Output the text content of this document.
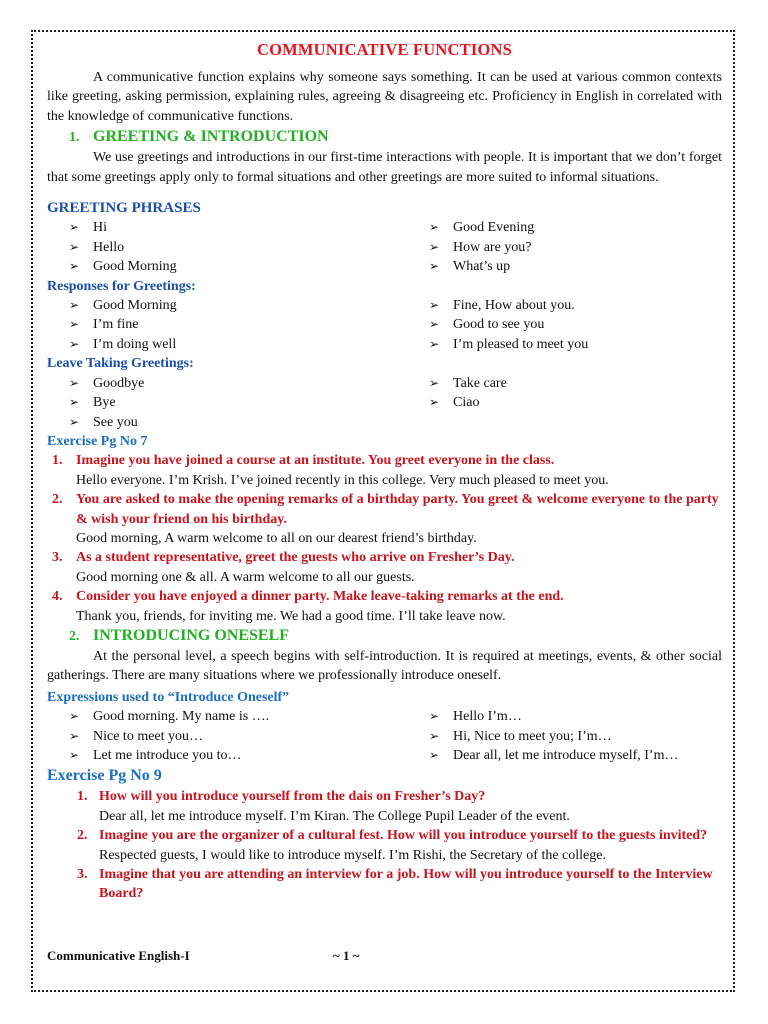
COMMUNICATIVE FUNCTIONS

A communicative function explains why someone says something. It can be used at various common contexts like greeting, asking permission, explaining rules, agreeing & disagreeing etc. Proficiency in English in correlated with the knowledge of communicative functions.

1. GREETING & INTRODUCTION

We use greetings and introductions in our first-time interactions with people. It is important that we don’t forget that some greetings apply only to formal situations and other greetings are more suited to informal situations.

GREETING PHRASES
➢ Hi
➢ Hello
➢ Good Morning
➢ Good Evening
➢ How are you?
➢ What’s up
Responses for Greetings:
➢ Good Morning
➢ I’m fine
➢ I’m doing well
➢ Fine, How about you.
➢ Good to see you
➢ I’m pleased to meet you
Leave Taking Greetings:
➢ Goodbye
➢ Bye
➢ See you
➢ Take care
➢ Ciao
Exercise Pg No 7
1. Imagine you have joined a course at an institute. You greet everyone in the class.
Hello everyone. I’m Krish. I’ve joined recently in this college. Very much pleased to meet you.
2. You are asked to make the opening remarks of a birthday party. You greet & welcome everyone to the party & wish your friend on his birthday.
Good morning, A warm welcome to all on our dearest friend’s birthday.
3. As a student representative, greet the guests who arrive on Fresher’s Day.
Good morning one & all. A warm welcome to all our guests.
4. Consider you have enjoyed a dinner party. Make leave-taking remarks at the end.
Thank you, friends, for inviting me. We had a good time. I’ll take leave now.
2. INTRODUCING ONESELF

At the personal level, a speech begins with self-introduction. It is required at meetings, events, & other social gatherings. There are many situations where we professionally introduce oneself.

Expressions used to “Introduce Oneself”
➢ Good morning. My name is ….
➢ Nice to meet you…
➢ Let me introduce you to…
➢ Hello I’m…
➢ Hi, Nice to meet you; I’m…
➢ Dear all, let me introduce myself, I’m…
Exercise Pg No 9
1. How will you introduce yourself from the dais on Fresher’s Day?
Dear all, let me introduce myself. I’m Kiran. The College Pupil Leader of the event.
2. Imagine you are the organizer of a cultural fest. How will you introduce yourself to the guests invited?
Respected guests, I would like to introduce myself. I’m Rishi, the Secretary of the college.
3. Imagine that you are attending an interview for a job. How will you introduce yourself to the Interview Board?
Communicative English-I	~ 1 ~
